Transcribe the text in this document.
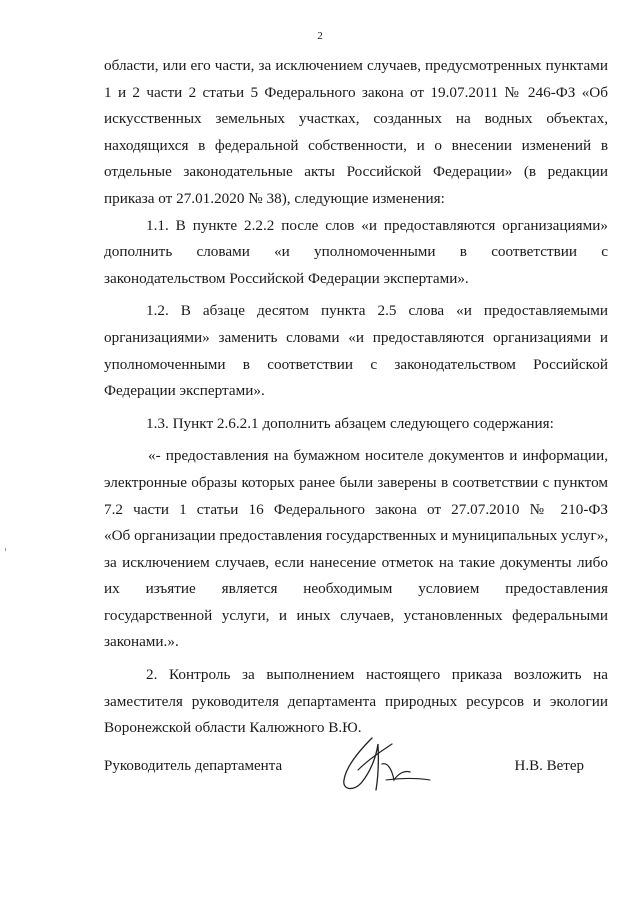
2
области, или его части, за исключением случаев, предусмотренных пунктами
1 и 2 части 2 статьи 5 Федерального закона от 19.07.2011 № 246-ФЗ «Об
искусственных земельных участках, созданных на водных объектах,
находящихся в федеральной собственности, и о внесении изменений в
отдельные законодательные акты Российской Федерации» (в редакции
приказа от 27.01.2020 № 38), следующие изменения:
1.1. В пункте 2.2.2 после слов «и предоставляются организациями»
дополнить словами «и уполномоченными в соответствии с
законодательством Российской Федерации экспертами».
1.2. В абзаце десятом пункта 2.5 слова «и предоставляемыми
организациями» заменить словами «и предоставляются организациями и
уполномоченными в соответствии с законодательством Российской
Федерации экспертами».
1.3. Пункт 2.6.2.1 дополнить абзацем следующего содержания:
«- предоставления на бумажном носителе документов и информации,
электронные образы которых ранее были заверены в соответствии с пунктом
7.2 части 1 статьи 16 Федерального закона от 27.07.2010 № 210-ФЗ
«Об организации предоставления государственных и муниципальных услуг»,
за исключением случаев, если нанесение отметок на такие документы либо
их изъятие является необходимым условием предоставления
государственной услуги, и иных случаев, установленных федеральными
законами.».
2. Контроль за выполнением настоящего приказа возложить на
заместителя руководителя департамента природных ресурсов и экологии
Воронежской области Калюжного В.Ю.
Руководитель департамента	Н.В. Ветер
